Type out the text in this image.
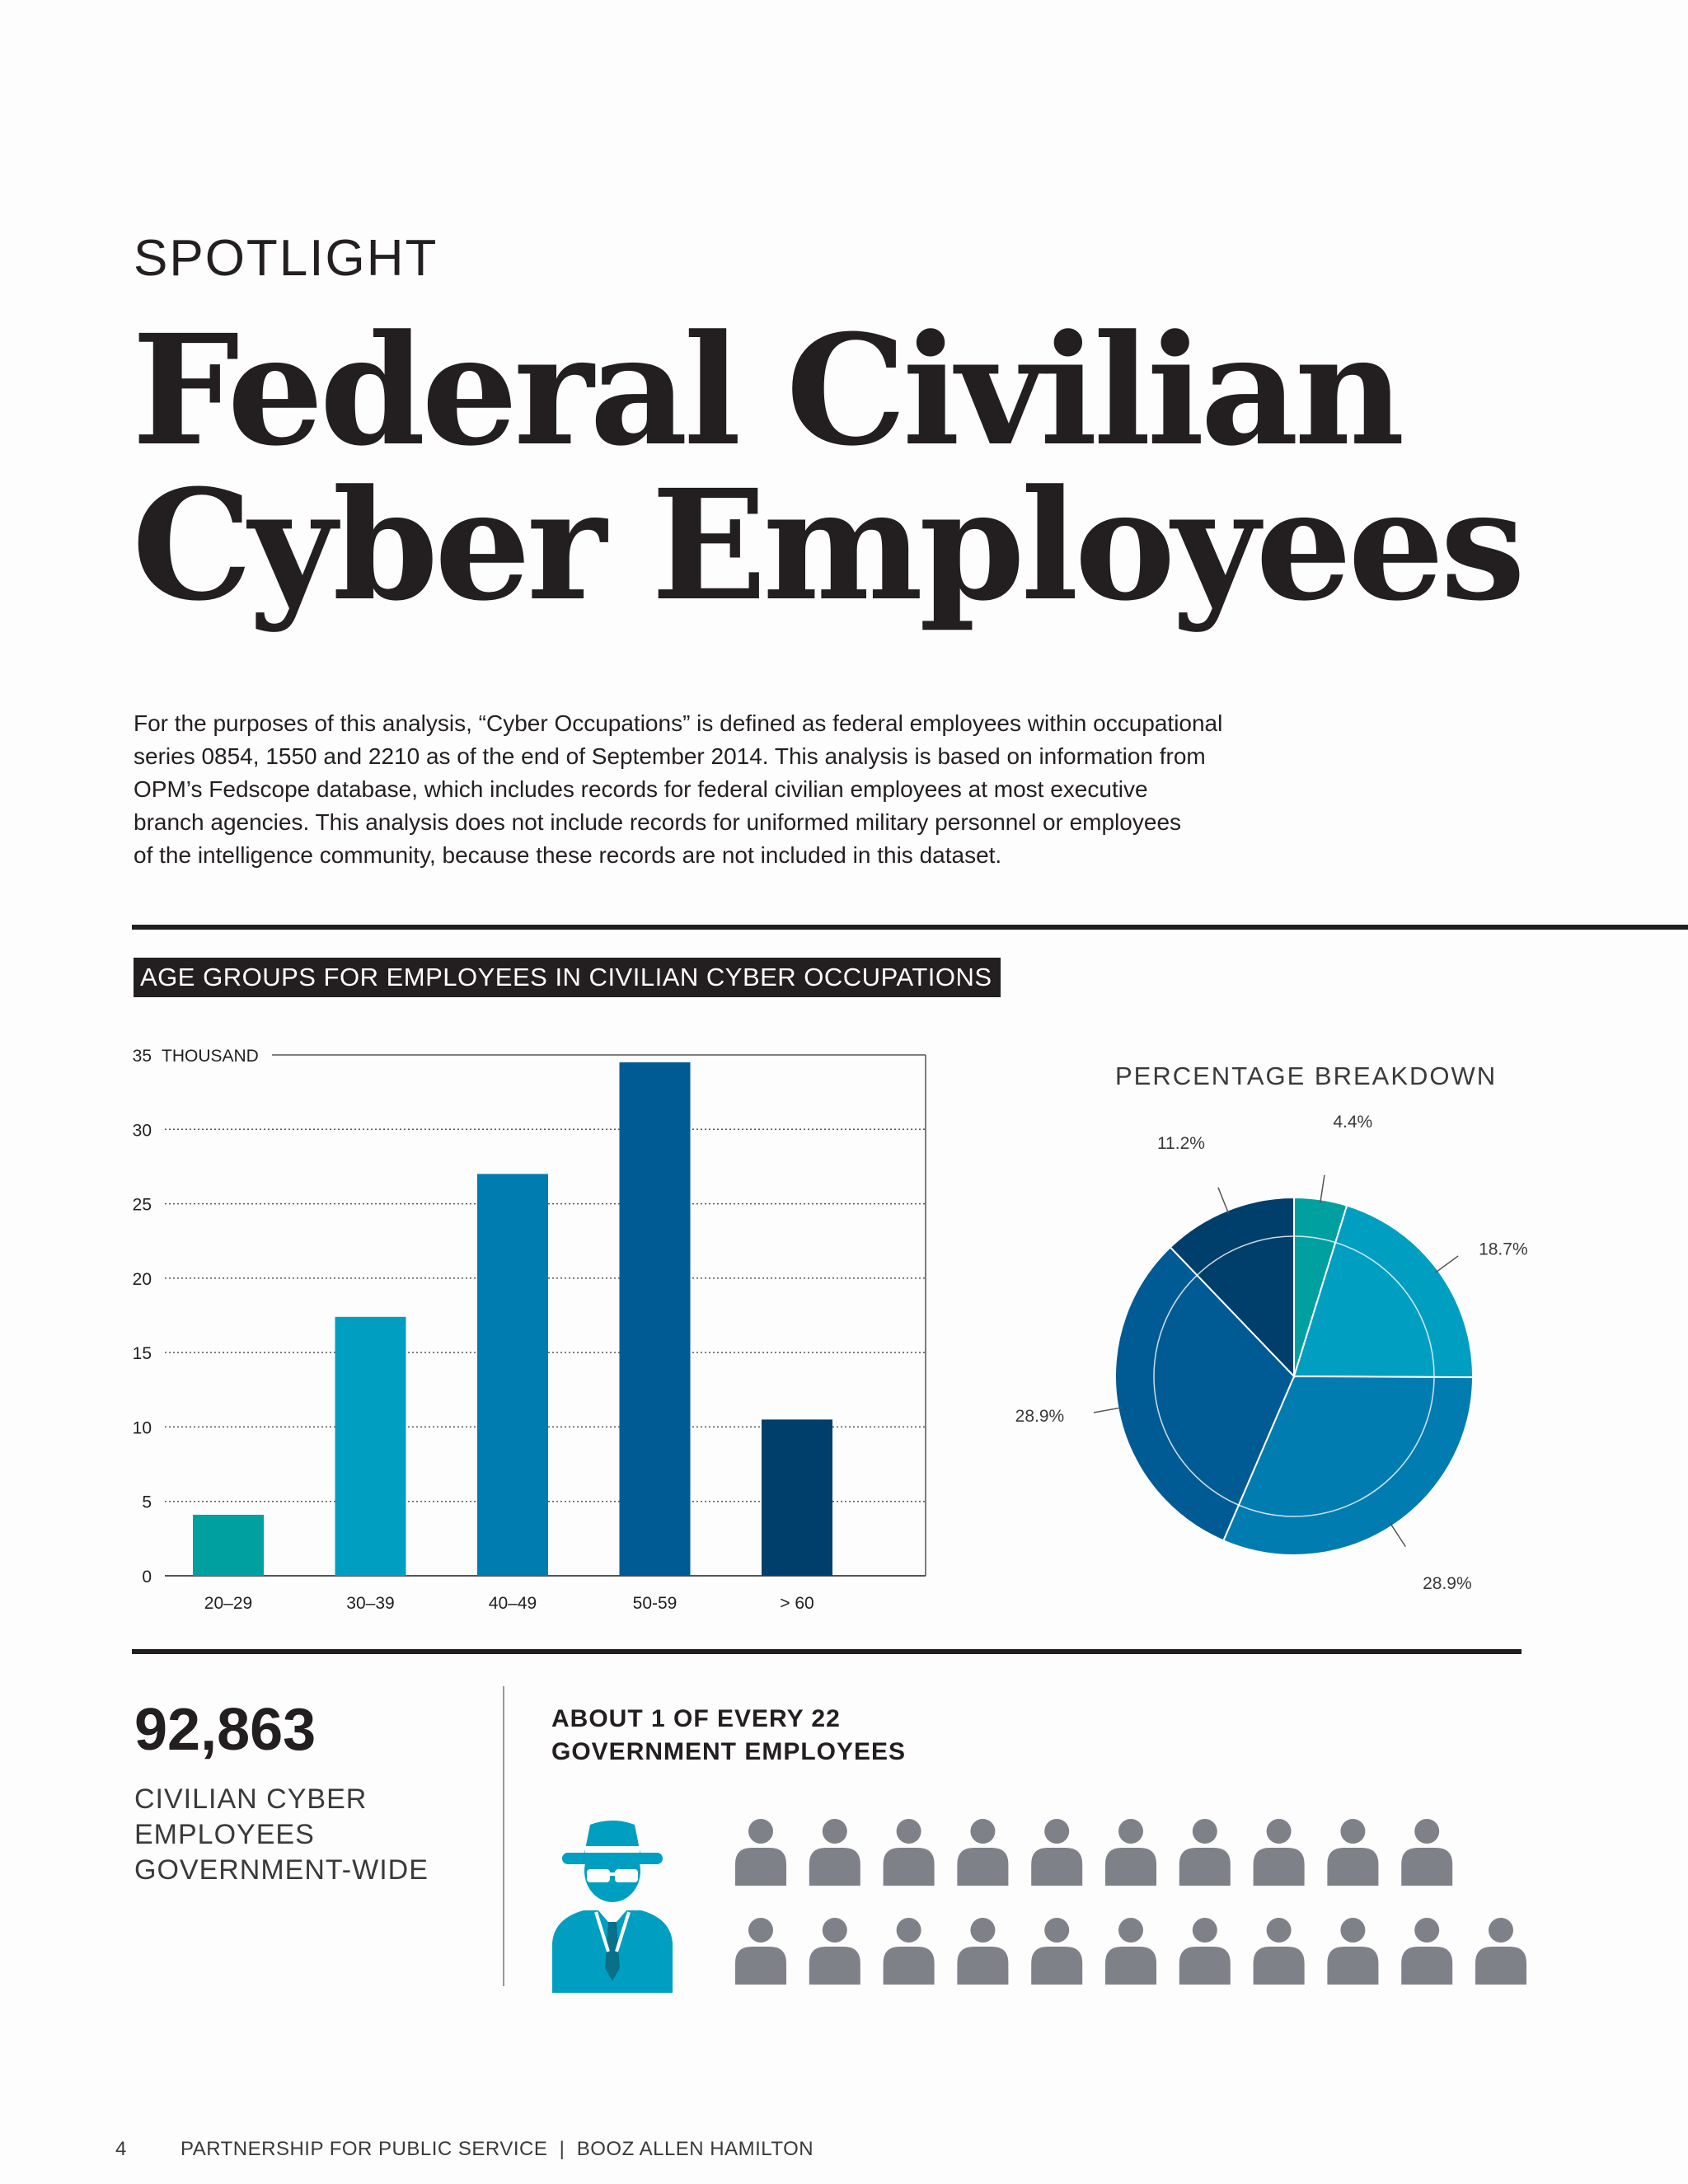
SPOTLIGHT
Federal Civilian
Cyber Employees

For the purposes of this analysis, “Cyber Occupations” is defined as federal employees within occupational
series 0854, 1550 and 2210 as of the end of September 2014. This analysis is based on information from
OPM’s Fedscope database, which includes records for federal civilian employees at most executive
branch agencies. This analysis does not include records for uniformed military personnel or employees
of the intelligence community, because these records are not included in this dataset.

AGE GROUPS FOR EMPLOYEES IN CIVILIAN CYBER OCCUPATIONS
0
5
10
15
20
25
30
35 THOUSAND
20–29	30–39	40–49	50-59	> 60
PERCENTAGE BREAKDOWN
4.4%
18.7%
28.9%
28.9%
11.2%
92,863
CIVILIAN CYBER
EMPLOYEES
GOVERNMENT-WIDE
ABOUT 1 OF EVERY 22
GOVERNMENT EMPLOYEES
4	PARTNERSHIP FOR PUBLIC SERVICE  |  BOOZ ALLEN HAMILTON
